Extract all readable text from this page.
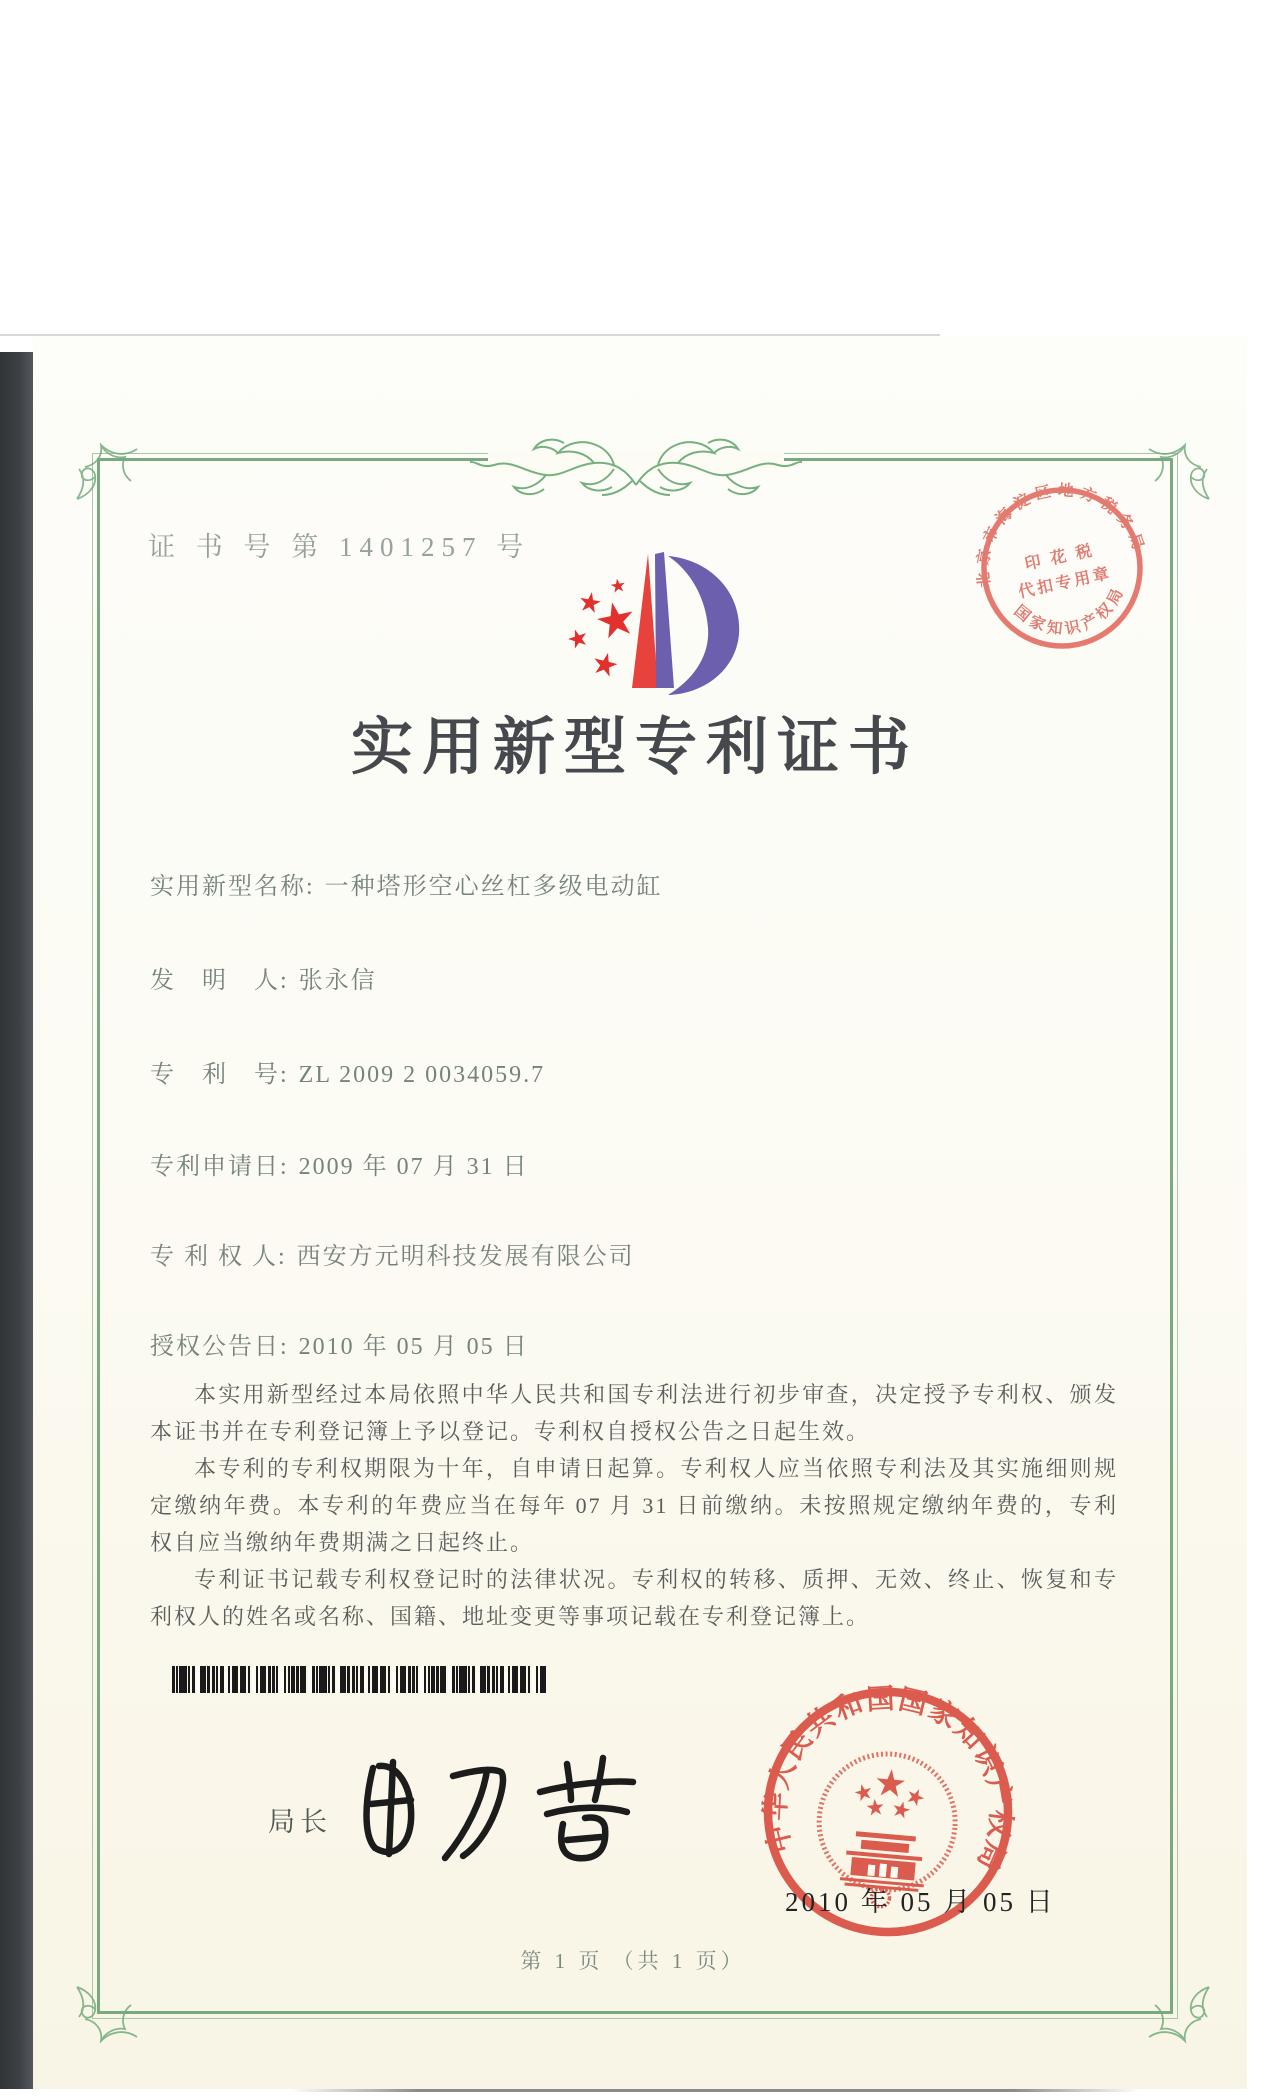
证 书 号 第 1401257 号
北京市海淀区地方税务局
国家知识产权局
印 花 税
代扣专用章
实用新型专利证书
实用新型名称: 一种塔形空心丝杠多级电动缸
发　明　人: 张永信
专　利　号: ZL 2009 2 0034059.7
专利申请日: 2009 年 07 月 31 日
专 利 权 人: 西安方元明科技发展有限公司
授权公告日: 2010 年 05 月 05 日

本实用新型经过本局依照中华人民共和国专利法进行初步审查，决定授予专利权、颁发本证书并在专利登记簿上予以登记。专利权自授权公告之日起生效。

本专利的专利权期限为十年，自申请日起算。专利权人应当依照专利法及其实施细则规定缴纳年费。本专利的年费应当在每年 07 月 31 日前缴纳。未按照规定缴纳年费的，专利权自应当缴纳年费期满之日起终止。

专利证书记载专利权登记时的法律状况。专利权的转移、质押、无效、终止、恢复和专利权人的姓名或名称、国籍、地址变更等事项记载在专利登记簿上。

局长	中华人民共和国国家知识产权局
2010 年 05 月 05 日
第 1 页 （共 1 页）
